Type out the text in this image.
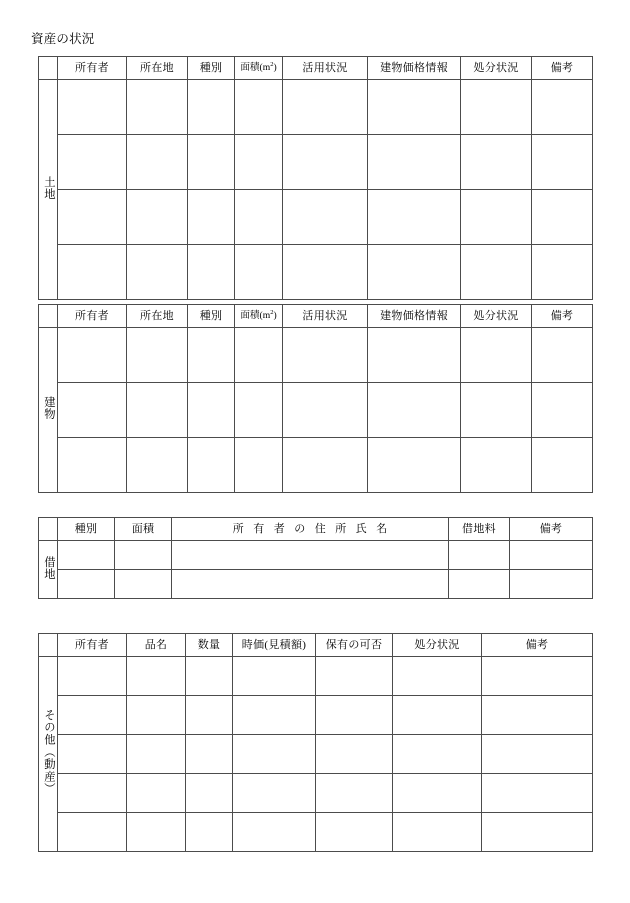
資産の状況
	所有者	所在地	種別	面積$(m^2)$	活用状況	建物価格情報	処分状況	備考
土地								

	所有者	所在地	種別	面積$(m^2)$	活用状況	建物価格情報	処分状況	備考
建物								

	種別	面積	所有者の住所氏名	借地料	備考
借地					

	所有者	品名	数量	時価(見積額)	保有の可否	処分状況	備考
その他（動産）							
